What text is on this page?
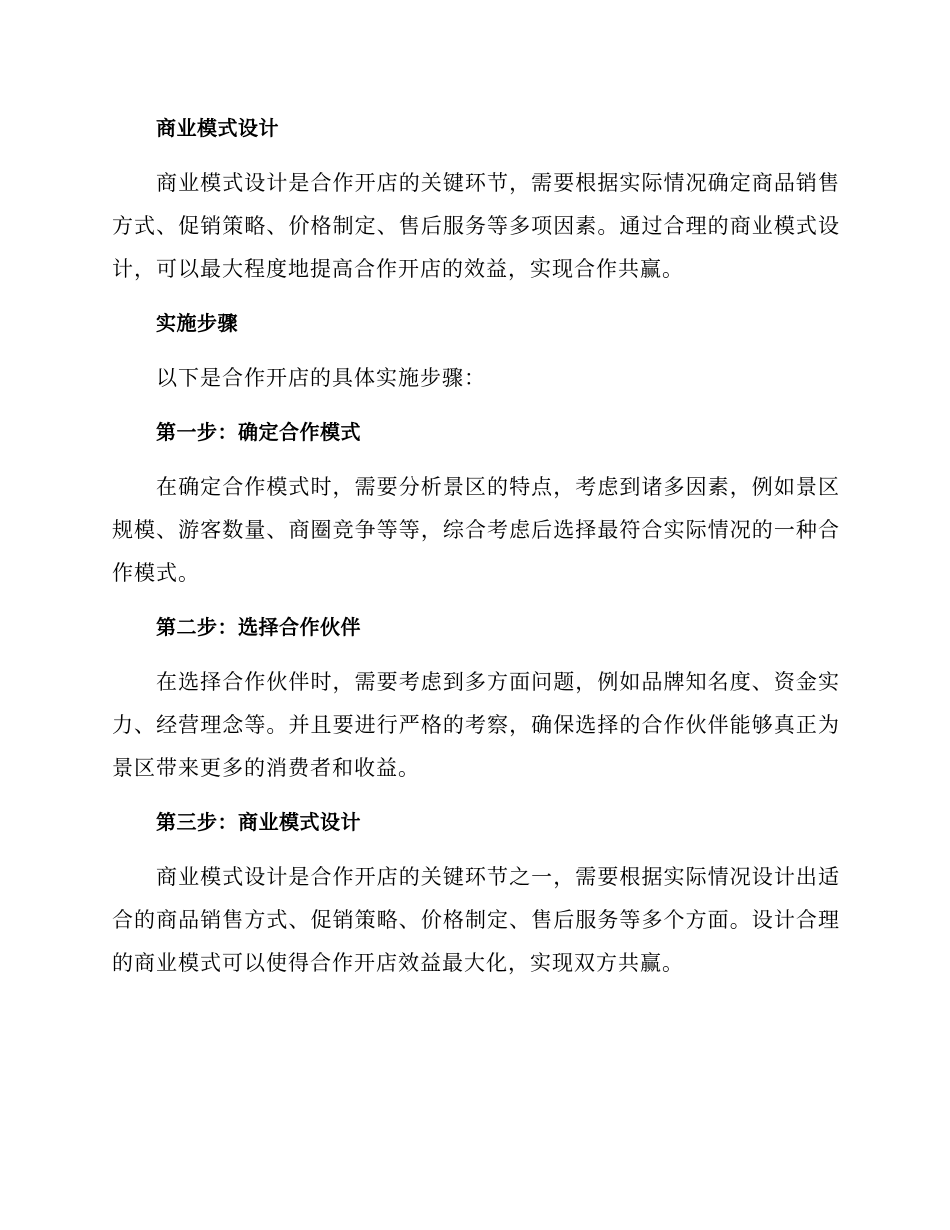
商业模式设计

商业模式设计是合作开店的关键环节，需要根据实际情况确定商品销售方式、促销策略、价格制定、售后服务等多项因素。通过合理的商业模式设计，可以最大程度地提高合作开店的效益，实现合作共赢。

实施步骤

以下是合作开店的具体实施步骤：

第一步：确定合作模式

在确定合作模式时，需要分析景区的特点，考虑到诸多因素，例如景区规模、游客数量、商圈竞争等等，综合考虑后选择最符合实际情况的一种合作模式。

第二步：选择合作伙伴

在选择合作伙伴时，需要考虑到多方面问题，例如品牌知名度、资金实力、经营理念等。并且要进行严格的考察，确保选择的合作伙伴能够真正为景区带来更多的消费者和收益。

第三步：商业模式设计

商业模式设计是合作开店的关键环节之一，需要根据实际情况设计出适合的商品销售方式、促销策略、价格制定、售后服务等多个方面。设计合理的商业模式可以使得合作开店效益最大化，实现双方共赢。
